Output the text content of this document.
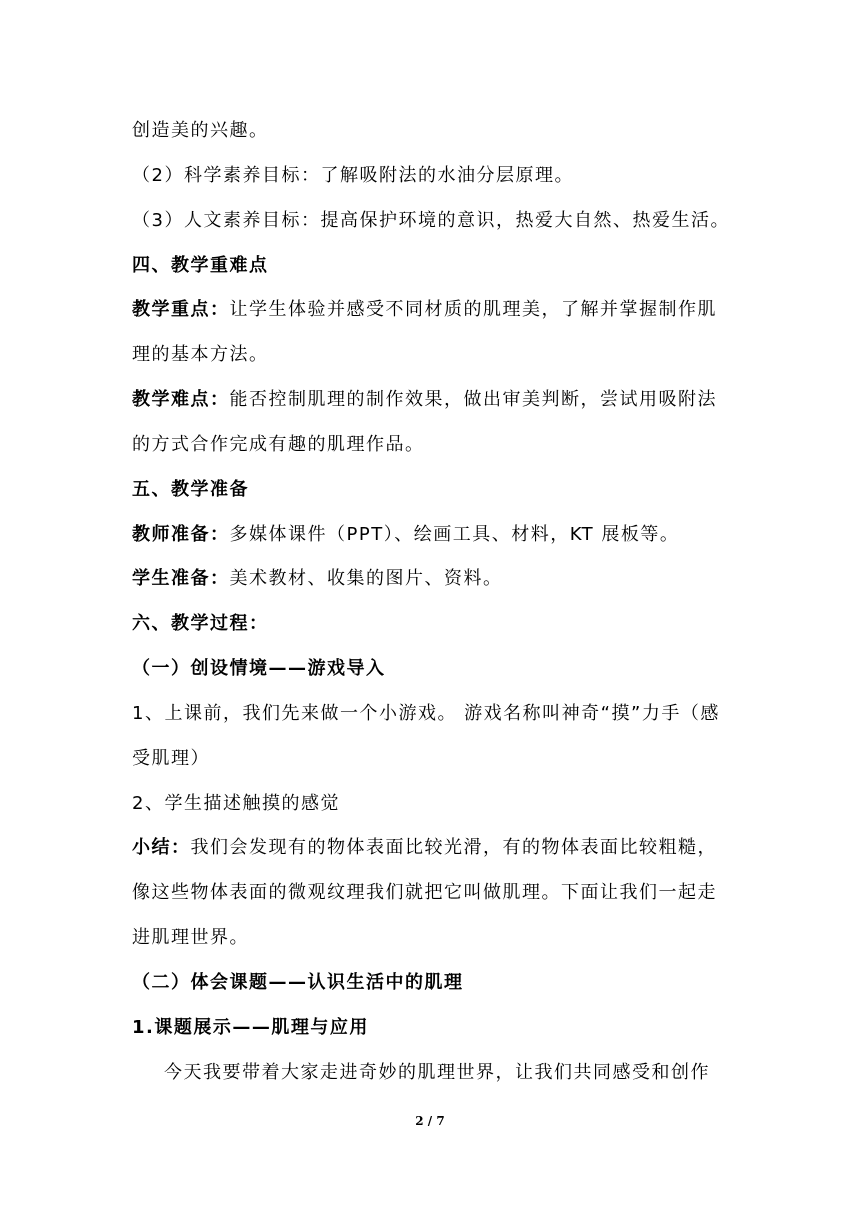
创造美的兴趣。
（2）科学素养目标：了解吸附法的水油分层原理。
（3）人文素养目标：提高保护环境的意识，热爱大自然、热爱生活。
四、教学重难点
教学重点：让学生体验并感受不同材质的肌理美，了解并掌握制作肌
理的基本方法。
教学难点：能否控制肌理的制作效果，做出审美判断，尝试用吸附法
的方式合作完成有趣的肌理作品。
五、教学准备
教师准备：多媒体课件（PPT）、绘画工具、材料，KT 展板等。
学生准备：美术教材、收集的图片、资料。
六、教学过程：
（一）创设情境——游戏导入
1、上课前，我们先来做一个小游戏。 游戏名称叫神奇“摸”力手（感
受肌理）
2、学生描述触摸的感觉
小结：我们会发现有的物体表面比较光滑，有的物体表面比较粗糙，
像这些物体表面的微观纹理我们就把它叫做肌理。下面让我们一起走
进肌理世界。
（二）体会课题——认识生活中的肌理
1.课题展示——肌理与应用
今天我要带着大家走进奇妙的肌理世界，让我们共同感受和创作
2 / 7
